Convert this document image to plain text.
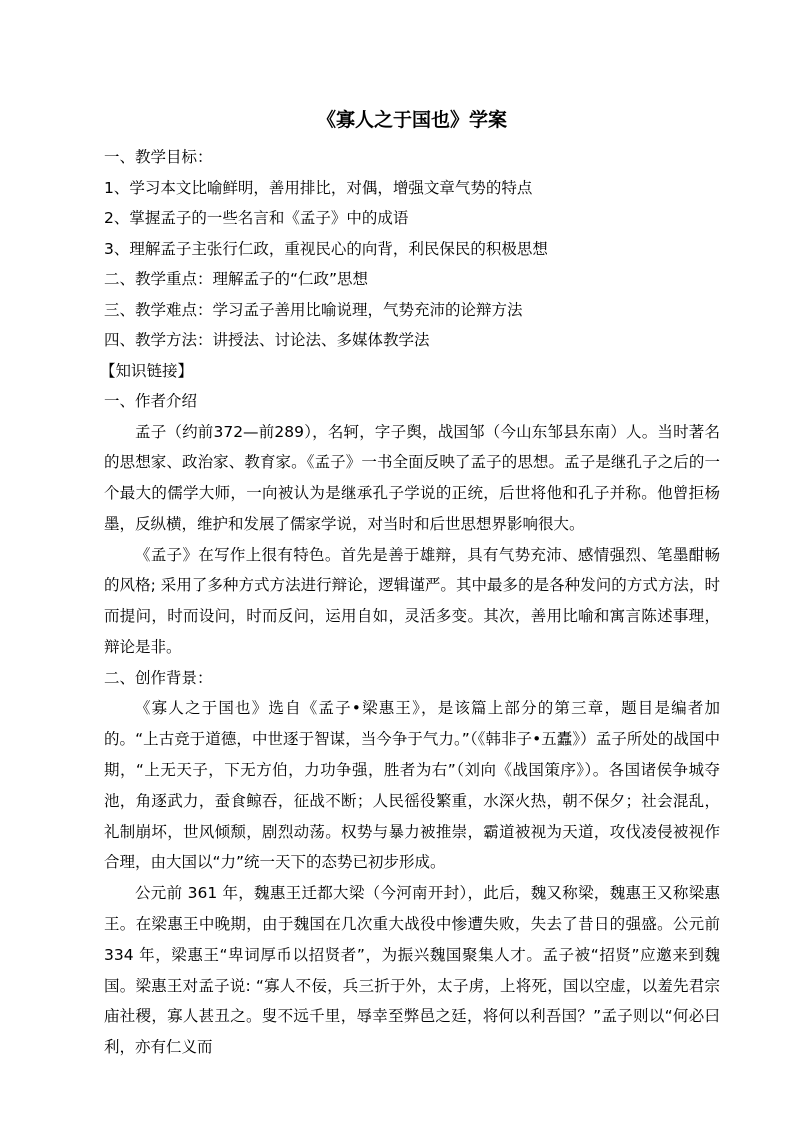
《寡人之于国也》学案

一、教学目标：

1、学习本文比喻鲜明，善用排比，对偶，增强文章气势的特点

2、掌握孟子的一些名言和《孟子》中的成语

3、理解孟子主张行仁政，重视民心的向背，利民保民的积极思想

二、教学重点：理解孟子的“仁政”思想

三、教学难点：学习孟子善用比喻说理，气势充沛的论辩方法

四、教学方法：讲授法、讨论法、多媒体教学法

【知识链接】

一、作者介绍

孟子（约前372—前289），名轲，字子舆，战国邹（今山东邹县东南）人。当时著名的思想家、政治家、教育家。《孟子》一书全面反映了孟子的思想。孟子是继孔子之后的一个最大的儒学大师，一向被认为是继承孔子学说的正统，后世将他和孔子并称。他曾拒杨墨，反纵横，维护和发展了儒家学说，对当时和后世思想界影响很大。

《孟子》在写作上很有特色。首先是善于雄辩，具有气势充沛、感情强烈、笔墨酣畅的风格; 采用了多种方式方法进行辩论，逻辑谨严。其中最多的是各种发问的方式方法，时而提问，时而设问，时而反问，运用自如，灵活多变。其次，善用比喻和寓言陈述事理，辩论是非。

二、创作背景：

《寡人之于国也》选自《孟子•梁惠王》，是该篇上部分的第三章，题目是编者加的。“上古竞于道德，中世逐于智谋，当今争于气力。”（《韩非子•五蠹》）孟子所处的战国中期，“上无天子，下无方伯，力功争强，胜者为右”（刘向《战国策序》）。各国诸侯争城夺池，角逐武力，蚕食鲸吞，征战不断；人民徭役繁重，水深火热，朝不保夕；社会混乱，礼制崩坏，世风倾颓，剧烈动荡。权势与暴力被推崇，霸道被视为天道，攻伐凌侵被视作合理，由大国以“力”统一天下的态势已初步形成。

公元前 361 年，魏惠王迁都大梁（今河南开封），此后，魏又称梁，魏惠王又称梁惠王。在梁惠王中晚期，由于魏国在几次重大战役中惨遭失败，失去了昔日的强盛。公元前 334 年，梁惠王“卑词厚币以招贤者”，为振兴魏国聚集人才。孟子被“招贤”应邀来到魏国。梁惠王对孟子说: “寡人不佞，兵三折于外，太子虏，上将死，国以空虚，以羞先君宗庙社稷，寡人甚丑之。叟不远千里，辱幸至弊邑之廷，将何以利吾国？”孟子则以“何必曰利，亦有仁义而
